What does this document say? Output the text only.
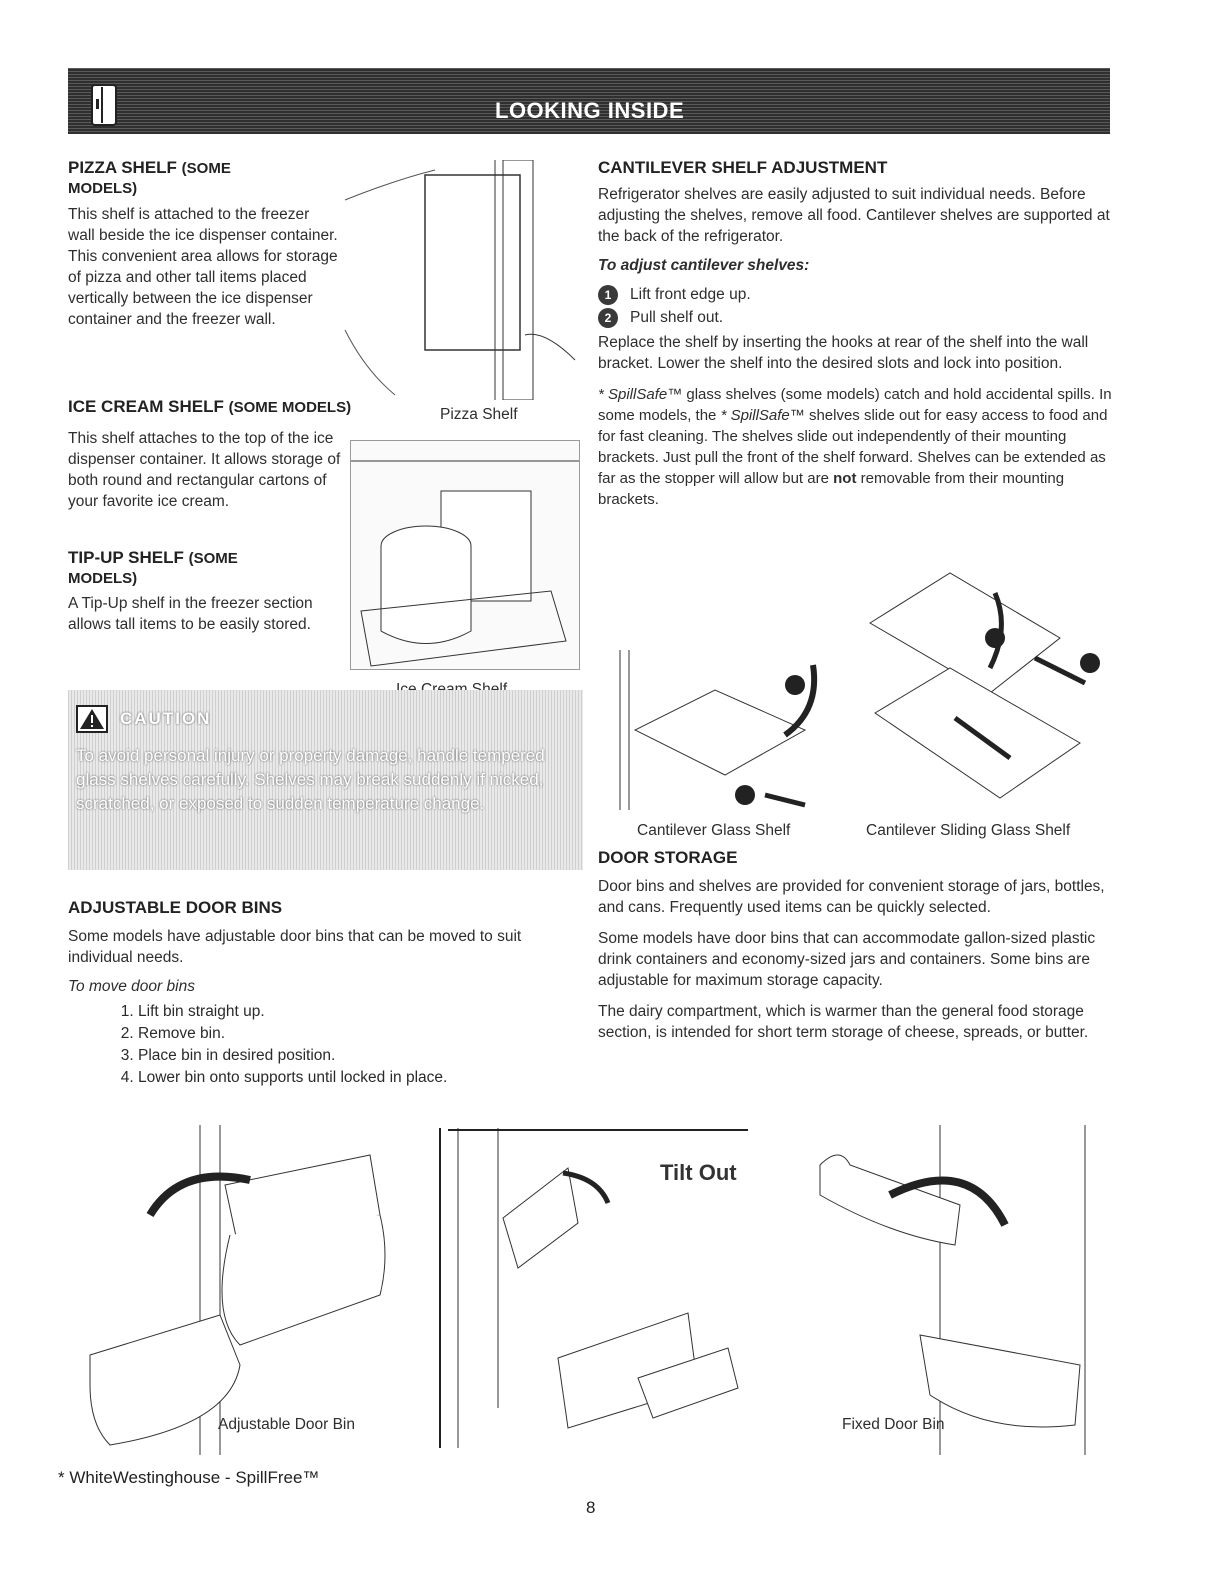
LOOKING INSIDE
PIZZA SHELF (SOME
MODELS)

This shelf is attached to the freezer wall beside the ice dispenser container. This convenient area allows for storage of pizza and other tall items placed vertically between the ice dispenser container and the freezer wall.

Pizza Shelf
ICE CREAM SHELF (SOME MODELS)

This shelf attaches to the top of the ice dispenser container. It allows storage of both round and rectangular cartons of your favorite ice cream.

TIP-UP SHELF (SOME
MODELS)

A Tip-Up shelf in the freezer section allows tall items to be easily stored.

CAUTION
To avoid personal injury or property damage, handle tempered glass shelves carefully. Shelves may break suddenly if nicked, scratched, or exposed to sudden temperature change.
ADJUSTABLE DOOR BINS

Some models have adjustable door bins that can be moved to suit individual needs.

To move door bins

1. Lift bin straight up.
2. Remove bin.
3. Place bin in desired position.
4. Lower bin onto supports until locked in place.
CANTILEVER SHELF ADJUSTMENT

Refrigerator shelves are easily adjusted to suit individual needs. Before adjusting the shelves, remove all food. Cantilever shelves are supported at the back of the refrigerator.

To adjust cantilever shelves:

1 Lift front edge up.
2 Pull shelf out.

Replace the shelf by inserting the hooks at rear of the shelf into the wall bracket. Lower the shelf into the desired slots and lock into position.

* SpillSafe™ glass shelves (some models) catch and hold accidental spills. In some models, the * SpillSafe™ shelves slide out for easy access to food and for fast cleaning. The shelves slide out independently of their mounting brackets. Just pull the front of the shelf forward. Shelves can be extended as far as the stopper will allow but are not removable from their mounting brackets.

Cantilever Glass Shelf	Cantilever Sliding Glass Shelf
DOOR STORAGE

Door bins and shelves are provided for convenient storage of jars, bottles, and cans. Frequently used items can be quickly selected.

Some models have door bins that can accommodate gallon-sized plastic drink containers and economy-sized jars and containers. Some bins are adjustable for maximum storage capacity.

The dairy compartment, which is warmer than the general food storage section, is intended for short term storage of cheese, spreads, or butter.

Adjustable Door Bin
Tilt Out
Fixed Door Bin
* WhiteWestinghouse - SpillFree™
8
